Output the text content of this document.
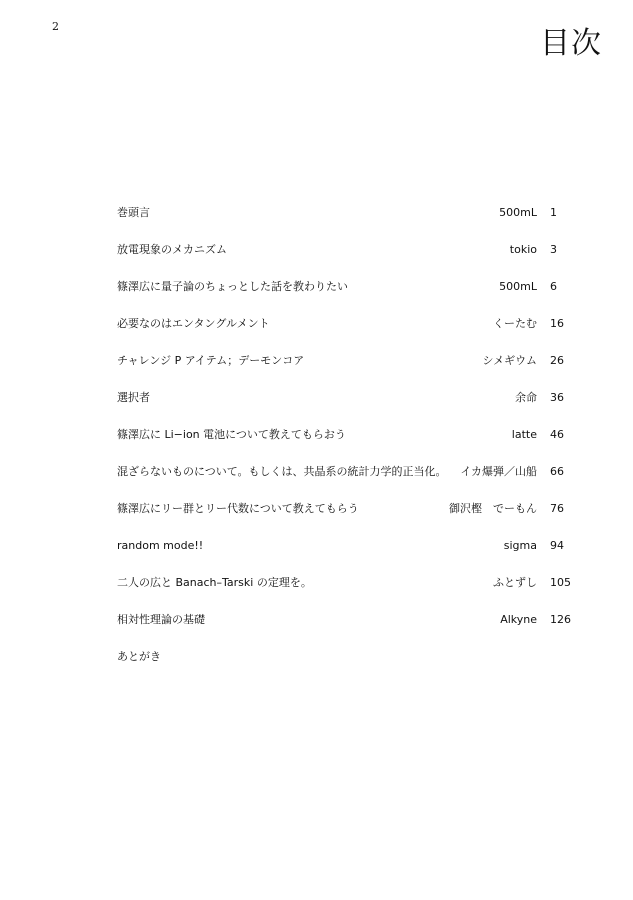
2	目次
巻頭言	500mL 1
放電現象のメカニズム	tokio 3
篠澤広に量子論のちょっとした話を教わりたい	500mL 6
必要なのはエンタングルメント	くーたむ 16
チャレンジ P アイテム；デーモンコア	シメギウム 26
選択者	余命 36
篠澤広に Li−ion 電池について教えてもらおう	latte 46
混ざらないものについて。もしくは、共晶系の統計力学的正当化。 イカ爆弾／山船 66
篠澤広にリー群とリー代数について教えてもらう	御沢樫　でーもん 76
random mode!!	sigma 94
二人の広と Banach–Tarski の定理を。	ふとずし 105
相対性理論の基礎	Alkyne 126
あとがき
